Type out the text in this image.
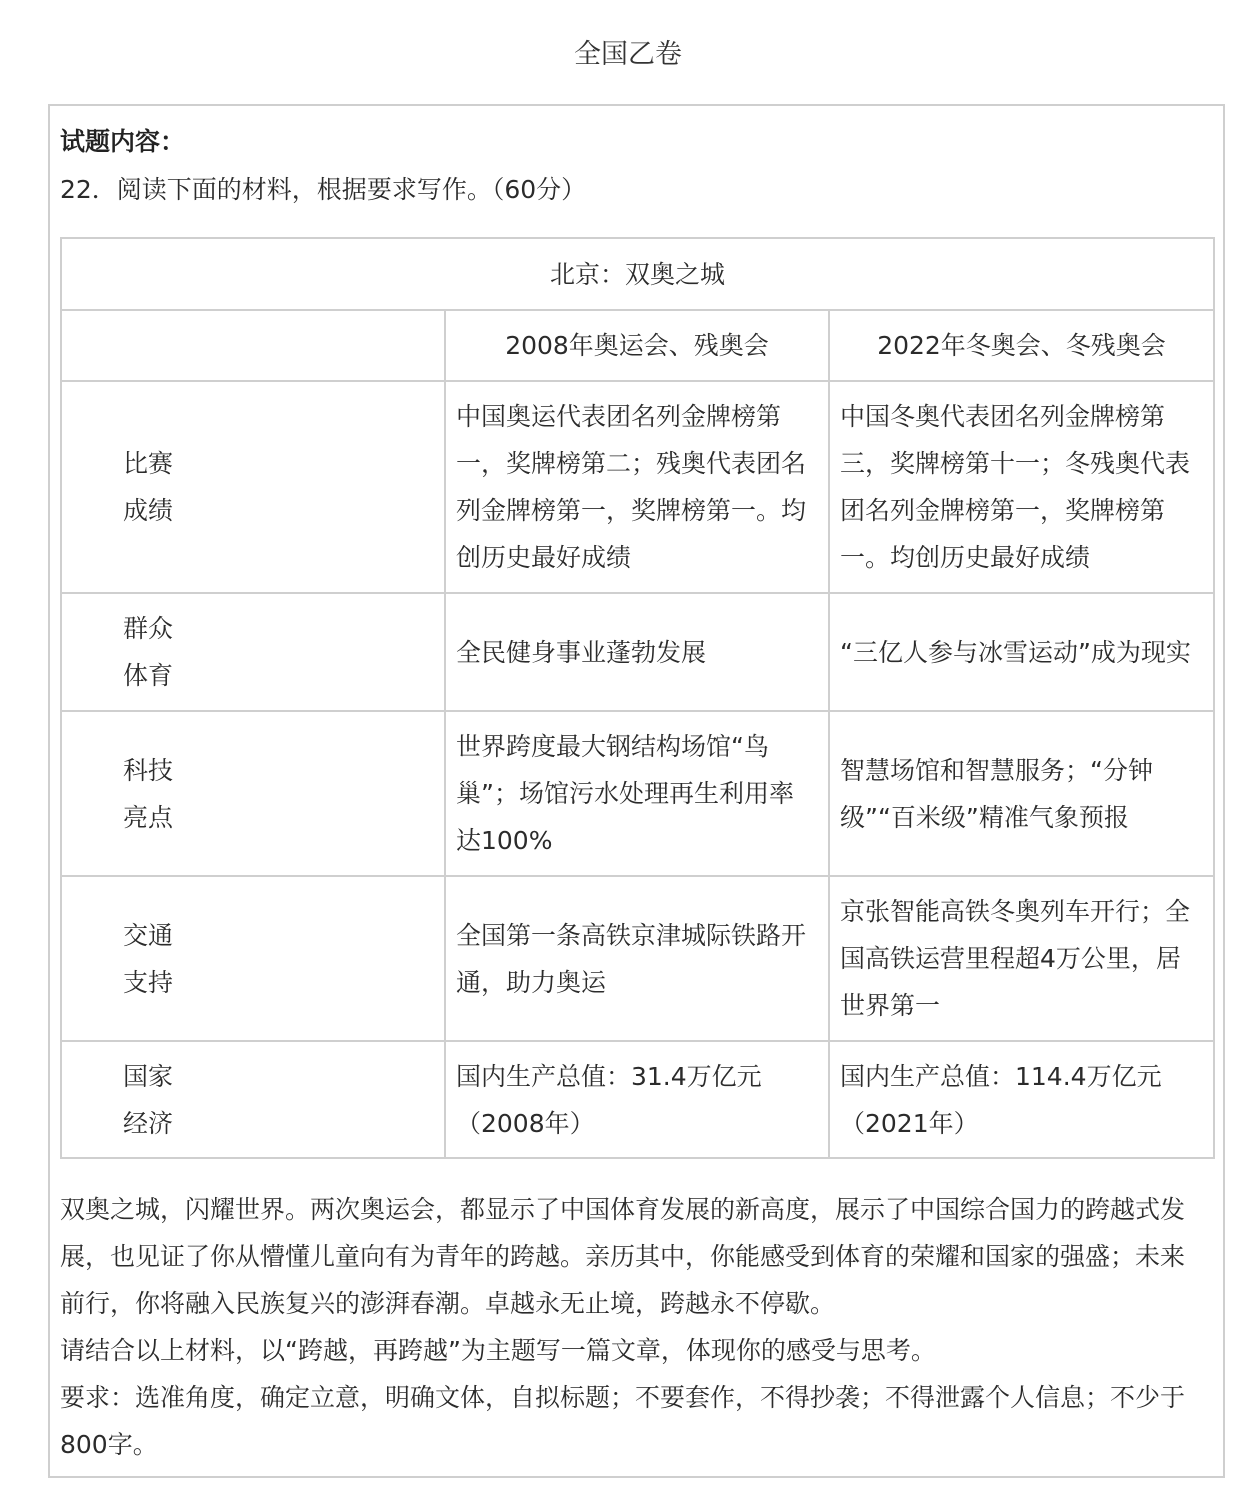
全国乙卷
试题内容：
22．阅读下面的材料，根据要求写作。（60分）
北京：双奥之城		
	2008年奥运会、残奥会	2022年冬奥会、冬残奥会

比赛
成绩	中国奥运代表团名列金牌榜第一，奖牌榜第二；残奥代表团名列金牌榜第一，奖牌榜第一。均创历史最好成绩	中国冬奥代表团名列金牌榜第三，奖牌榜第十一；冬残奥代表团名列金牌榜第一，奖牌榜第一。均创历史最好成绩

群众
体育	全民健身事业蓬勃发展	“三亿人参与冰雪运动”成为现实

科技
亮点	世界跨度最大钢结构场馆“鸟巢”；场馆污水处理再生利用率达100%	智慧场馆和智慧服务；“分钟级”“百米级”精准气象预报

交通
支持	全国第一条高铁京津城际铁路开通，助力奥运	京张智能高铁冬奥列车开行；全国高铁运营里程超4万公里，居世界第一

国家
经济	国内生产总值：31.4万亿元（2008年）	国内生产总值：114.4万亿元（2021年）

双奥之城，闪耀世界。两次奥运会，都显示了中国体育发展的新高度，展示了中国综合国力的跨越式发展，也见证了你从懵懂儿童向有为青年的跨越。亲历其中，你能感受到体育的荣耀和国家的强盛；未来前行，你将融入民族复兴的澎湃春潮。卓越永无止境，跨越永不停歇。

请结合以上材料，以“跨越，再跨越”为主题写一篇文章，体现你的感受与思考。

要求：选准角度，确定立意，明确文体，自拟标题；不要套作，不得抄袭；不得泄露个人信息；不少于800字。
